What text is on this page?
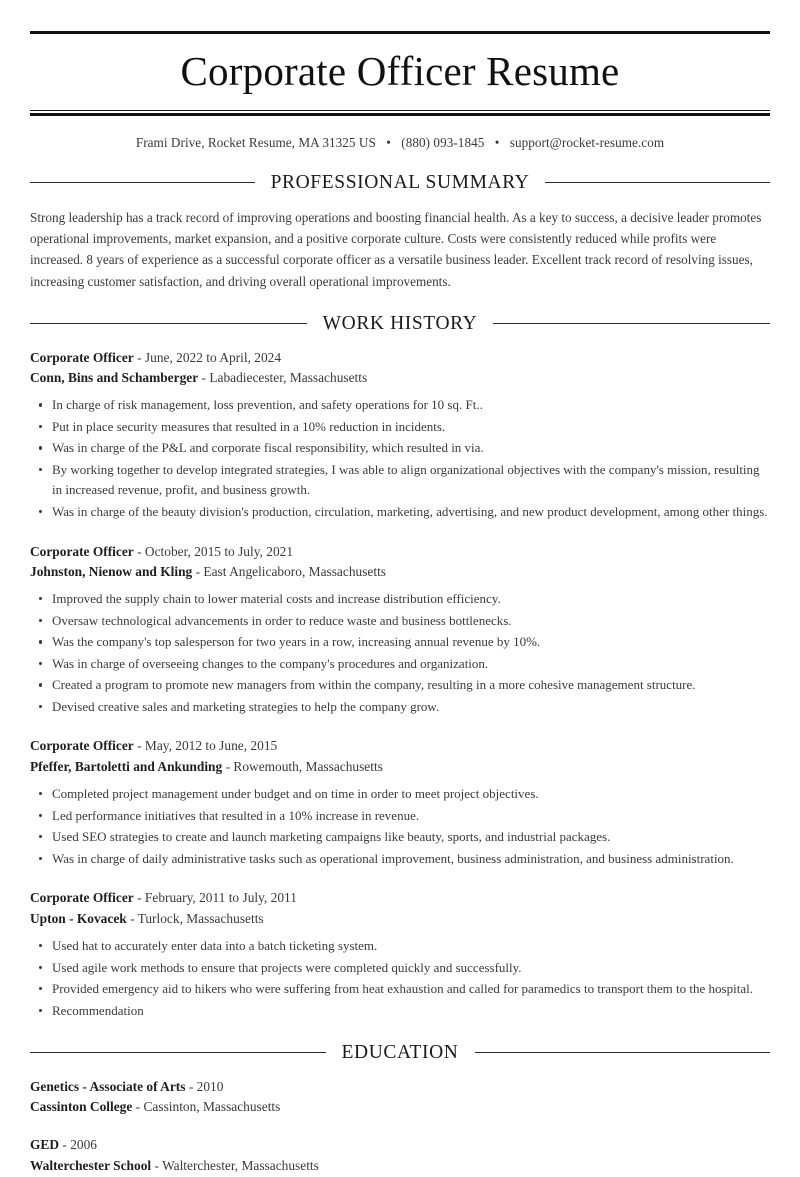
Corporate Officer Resume
Frami Drive, Rocket Resume, MA 31325 US • (880) 093-1845 • support@rocket-resume.com
PROFESSIONAL SUMMARY

Strong leadership has a track record of improving operations and boosting financial health. As a key to success, a decisive leader promotes operational improvements, market expansion, and a positive corporate culture. Costs were consistently reduced while profits were increased. 8 years of experience as a successful corporate officer as a versatile business leader. Excellent track record of resolving issues, increasing customer satisfaction, and driving overall operational improvements.

WORK HISTORY
Corporate Officer - June, 2022 to April, 2024
Conn, Bins and Schamberger - Labadiecester, Massachusetts
In charge of risk management, loss prevention, and safety operations for 10 sq. Ft..
Put in place security measures that resulted in a 10% reduction in incidents.
Was in charge of the P&L and corporate fiscal responsibility, which resulted in via.
By working together to develop integrated strategies, I was able to align organizational objectives with the company's mission, resulting in increased revenue, profit, and business growth.
Was in charge of the beauty division's production, circulation, marketing, advertising, and new product development, among other things.
Corporate Officer - October, 2015 to July, 2021
Johnston, Nienow and Kling - East Angelicaboro, Massachusetts
Improved the supply chain to lower material costs and increase distribution efficiency.
Oversaw technological advancements in order to reduce waste and business bottlenecks.
Was the company's top salesperson for two years in a row, increasing annual revenue by 10%.
Was in charge of overseeing changes to the company's procedures and organization.
Created a program to promote new managers from within the company, resulting in a more cohesive management structure.
Devised creative sales and marketing strategies to help the company grow.
Corporate Officer - May, 2012 to June, 2015
Pfeffer, Bartoletti and Ankunding - Rowemouth, Massachusetts
Completed project management under budget and on time in order to meet project objectives.
Led performance initiatives that resulted in a 10% increase in revenue.
Used SEO strategies to create and launch marketing campaigns like beauty, sports, and industrial packages.
Was in charge of daily administrative tasks such as operational improvement, business administration, and business administration.
Corporate Officer - February, 2011 to July, 2011
Upton - Kovacek - Turlock, Massachusetts
Used hat to accurately enter data into a batch ticketing system.
Used agile work methods to ensure that projects were completed quickly and successfully.
Provided emergency aid to hikers who were suffering from heat exhaustion and called for paramedics to transport them to the hospital.
Recommendation
EDUCATION
Genetics - Associate of Arts - 2010
Cassinton College - Cassinton, Massachusetts
GED - 2006
Walterchester School - Walterchester, Massachusetts
